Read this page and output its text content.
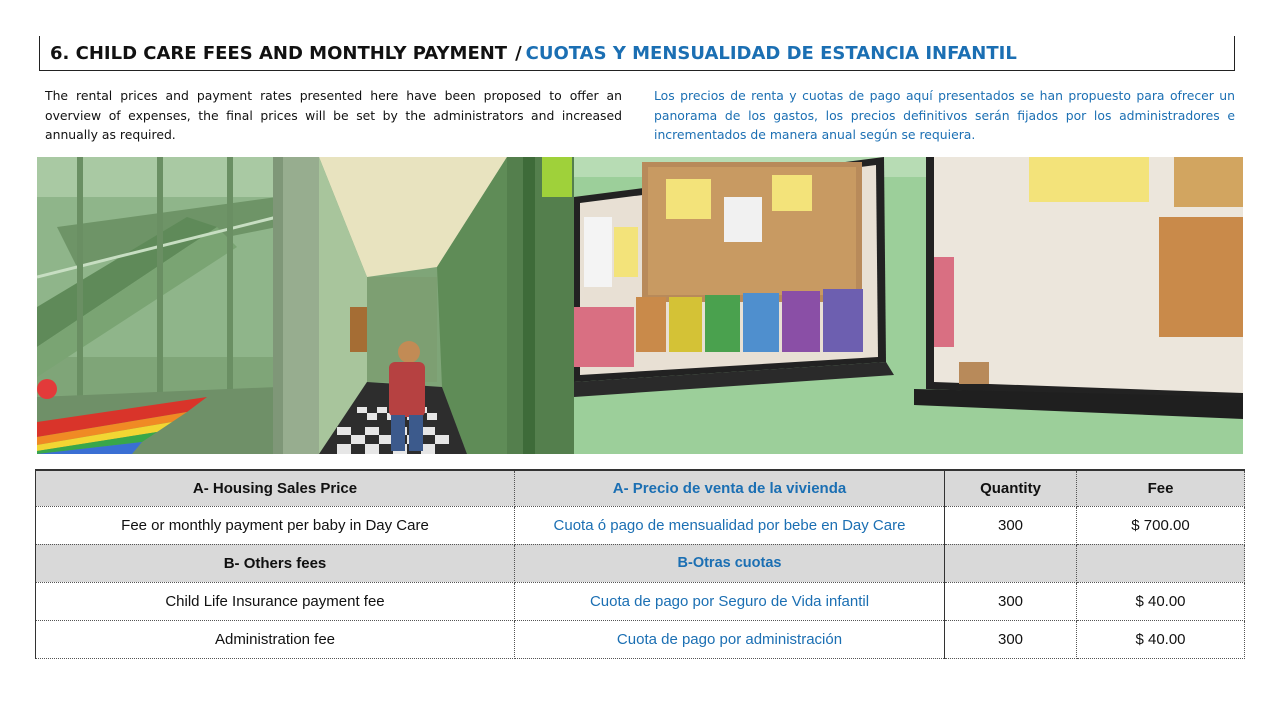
6. CHILD CARE FEES AND MONTHLY PAYMENT / CUOTAS Y MENSUALIDAD DE ESTANCIA INFANTIL

The rental prices and payment rates presented here have been proposed to offer an overview of expenses, the final prices will be set by the administrators and increased annually as required.

Los precios de renta y cuotas de pago aquí presentados se han propuesto para ofrecer un panorama de los gastos, los precios definitivos serán fijados por los administradores e incrementados de manera anual según se requiera.

A- Housing Sales Price	A- Precio de venta de la vivienda	Quantity	Fee
Fee or monthly payment per baby in Day Care	Cuota ó pago de mensualidad por bebe en Day Care	300	$ 700.00
B- Others fees	B-Otras cuotas		
Child Life Insurance payment fee	Cuota de pago por Seguro de Vida infantil	300	$ 40.00
Administration fee	Cuota de pago por administración	300	$ 40.00
